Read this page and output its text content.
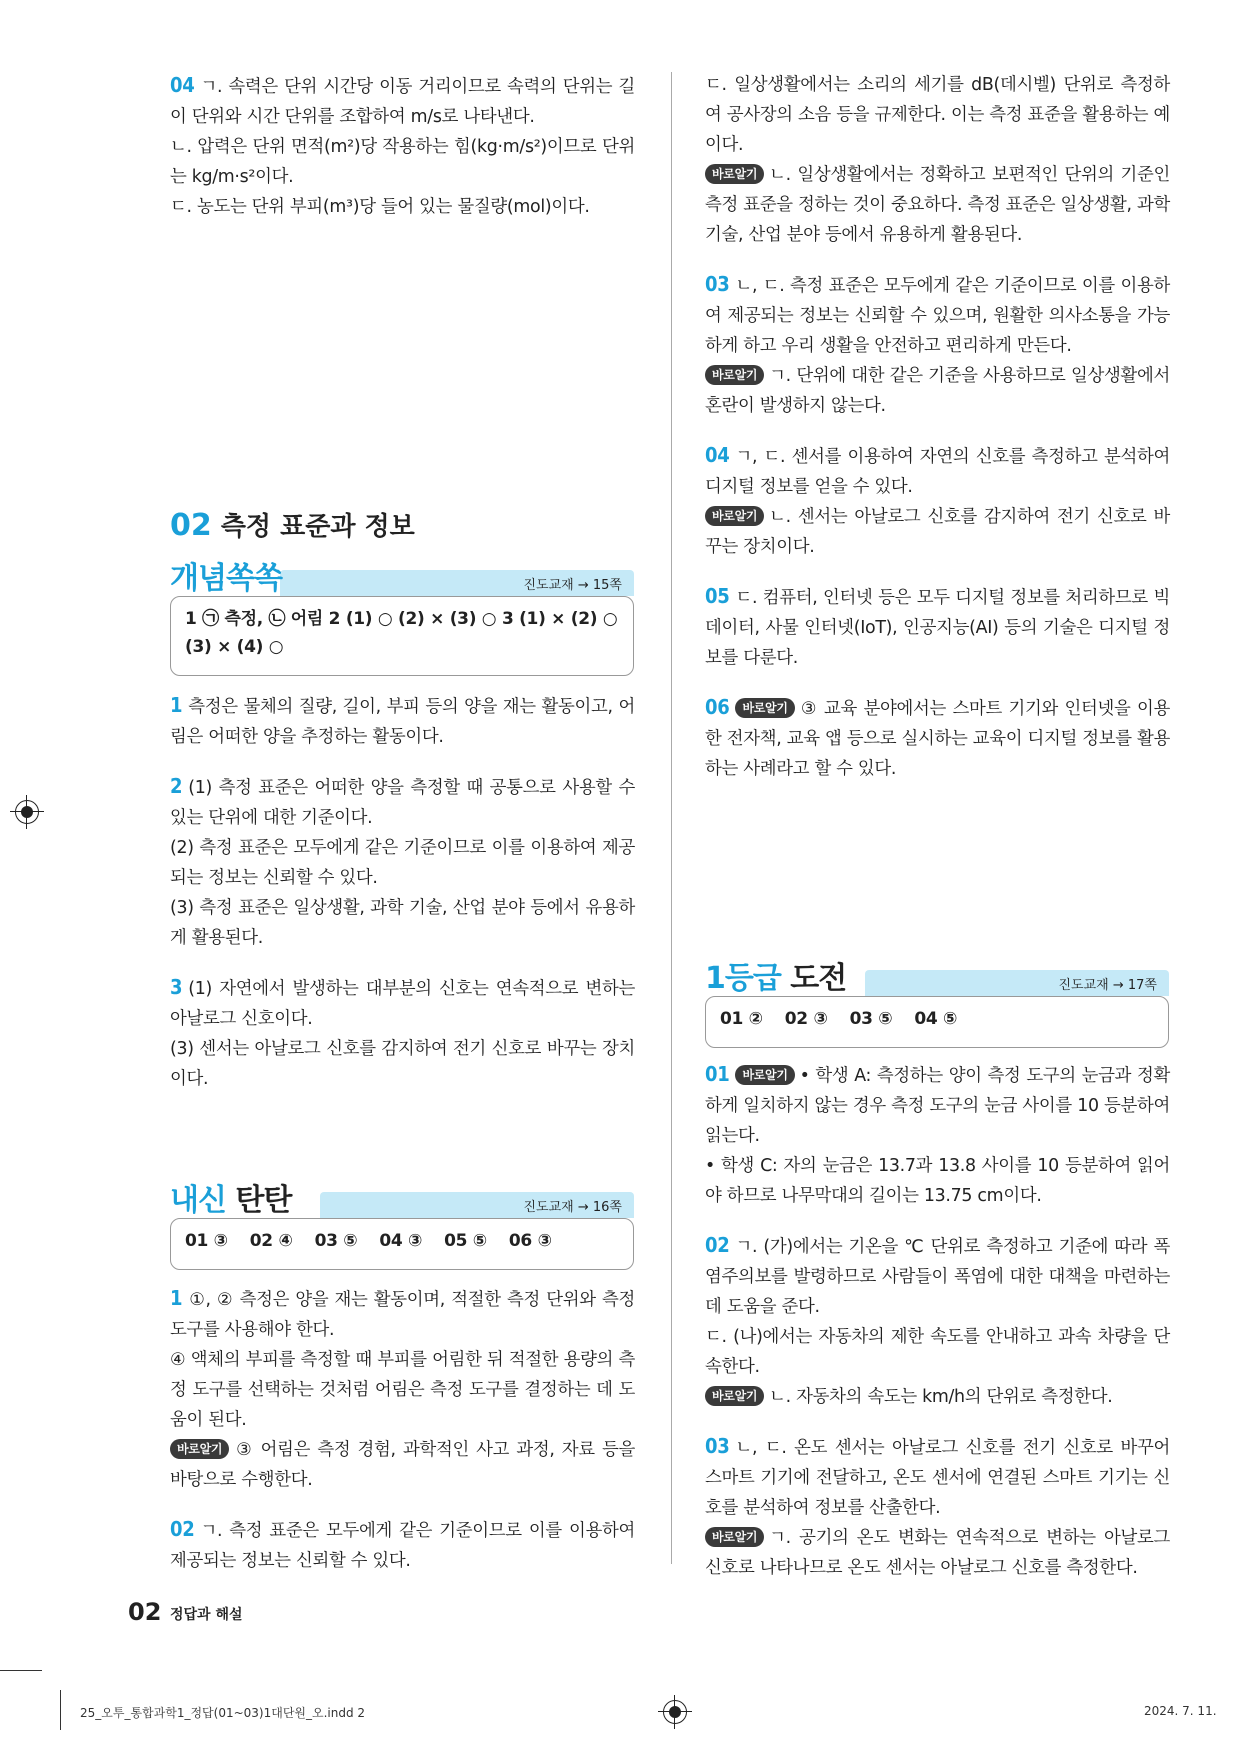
04 ㄱ. 속력은 단위 시간당 이동 거리이므로 속력의 단위는 길이 단위와 시간 단위를 조합하여 m/s로 나타낸다.

ㄴ. 압력은 단위 면적(m²)당 작용하는 힘(kg·m/s²)이므로 단위는 kg/m·s²이다.

ㄷ. 농도는 단위 부피(m³)당 들어 있는 물질량(mol)이다.

02 측정 표준과 정보
개념쏙쏙	진도교재 → 15쪽
1 ㉠ 측정, ㉡ 어림 2 (1) ○ (2) × (3) ○ 3 (1) × (2) ○
(3) × (4) ○

1 측정은 물체의 질량, 길이, 부피 등의 양을 재는 활동이고, 어림은 어떠한 양을 추정하는 활동이다.

2 (1) 측정 표준은 어떠한 양을 측정할 때 공통으로 사용할 수 있는 단위에 대한 기준이다.

(2) 측정 표준은 모두에게 같은 기준이므로 이를 이용하여 제공되는 정보는 신뢰할 수 있다.

(3) 측정 표준은 일상생활, 과학 기술, 산업 분야 등에서 유용하게 활용된다.

3 (1) 자연에서 발생하는 대부분의 신호는 연속적으로 변하는 아날로그 신호이다.

(3) 센서는 아날로그 신호를 감지하여 전기 신호로 바꾸는 장치이다.

내신 탄탄	진도교재 → 16쪽
01 ③ 02 ④ 03 ⑤ 04 ③ 05 ⑤ 06 ③

1 ①, ② 측정은 양을 재는 활동이며, 적절한 측정 단위와 측정 도구를 사용해야 한다.

④ 액체의 부피를 측정할 때 부피를 어림한 뒤 적절한 용량의 측정 도구를 선택하는 것처럼 어림은 측정 도구를 결정하는 데 도움이 된다.

바로알기 ③ 어림은 측정 경험, 과학적인 사고 과정, 자료 등을 바탕으로 수행한다.

02 ㄱ. 측정 표준은 모두에게 같은 기준이므로 이를 이용하여 제공되는 정보는 신뢰할 수 있다.

ㄷ. 일상생활에서는 소리의 세기를 dB(데시벨) 단위로 측정하여 공사장의 소음 등을 규제한다. 이는 측정 표준을 활용하는 예이다.

바로알기 ㄴ. 일상생활에서는 정확하고 보편적인 단위의 기준인 측정 표준을 정하는 것이 중요하다. 측정 표준은 일상생활, 과학 기술, 산업 분야 등에서 유용하게 활용된다.

03 ㄴ, ㄷ. 측정 표준은 모두에게 같은 기준이므로 이를 이용하여 제공되는 정보는 신뢰할 수 있으며, 원활한 의사소통을 가능하게 하고 우리 생활을 안전하고 편리하게 만든다.

바로알기 ㄱ. 단위에 대한 같은 기준을 사용하므로 일상생활에서 혼란이 발생하지 않는다.

04 ㄱ, ㄷ. 센서를 이용하여 자연의 신호를 측정하고 분석하여 디지털 정보를 얻을 수 있다.

바로알기 ㄴ. 센서는 아날로그 신호를 감지하여 전기 신호로 바꾸는 장치이다.

05 ㄷ. 컴퓨터, 인터넷 등은 모두 디지털 정보를 처리하므로 빅데이터, 사물 인터넷(IoT), 인공지능(AI) 등의 기술은 디지털 정보를 다룬다.

06 바로알기 ③ 교육 분야에서는 스마트 기기와 인터넷을 이용한 전자책, 교육 앱 등으로 실시하는 교육이 디지털 정보를 활용하는 사례라고 할 수 있다.

1등급 도전	진도교재 → 17쪽
01 ② 02 ③ 03 ⑤ 04 ⑤

01 바로알기 • 학생 A: 측정하는 양이 측정 도구의 눈금과 정확하게 일치하지 않는 경우 측정 도구의 눈금 사이를 10 등분하여 읽는다.

• 학생 C: 자의 눈금은 13.7과 13.8 사이를 10 등분하여 읽어야 하므로 나무막대의 길이는 13.75 cm이다.

02 ㄱ. (가)에서는 기온을 ℃ 단위로 측정하고 기준에 따라 폭염주의보를 발령하므로 사람들이 폭염에 대한 대책을 마련하는 데 도움을 준다.

ㄷ. (나)에서는 자동차의 제한 속도를 안내하고 과속 차량을 단속한다.

바로알기 ㄴ. 자동차의 속도는 km/h의 단위로 측정한다.

03 ㄴ, ㄷ. 온도 센서는 아날로그 신호를 전기 신호로 바꾸어 스마트 기기에 전달하고, 온도 센서에 연결된 스마트 기기는 신호를 분석하여 정보를 산출한다.

바로알기 ㄱ. 공기의 온도 변화는 연속적으로 변하는 아날로그 신호로 나타나므로 온도 센서는 아날로그 신호를 측정한다.

02 정답과 해설
25_오투_통합과학1_정답(01~03)1대단원_오.indd 2	2024. 7. 11.
